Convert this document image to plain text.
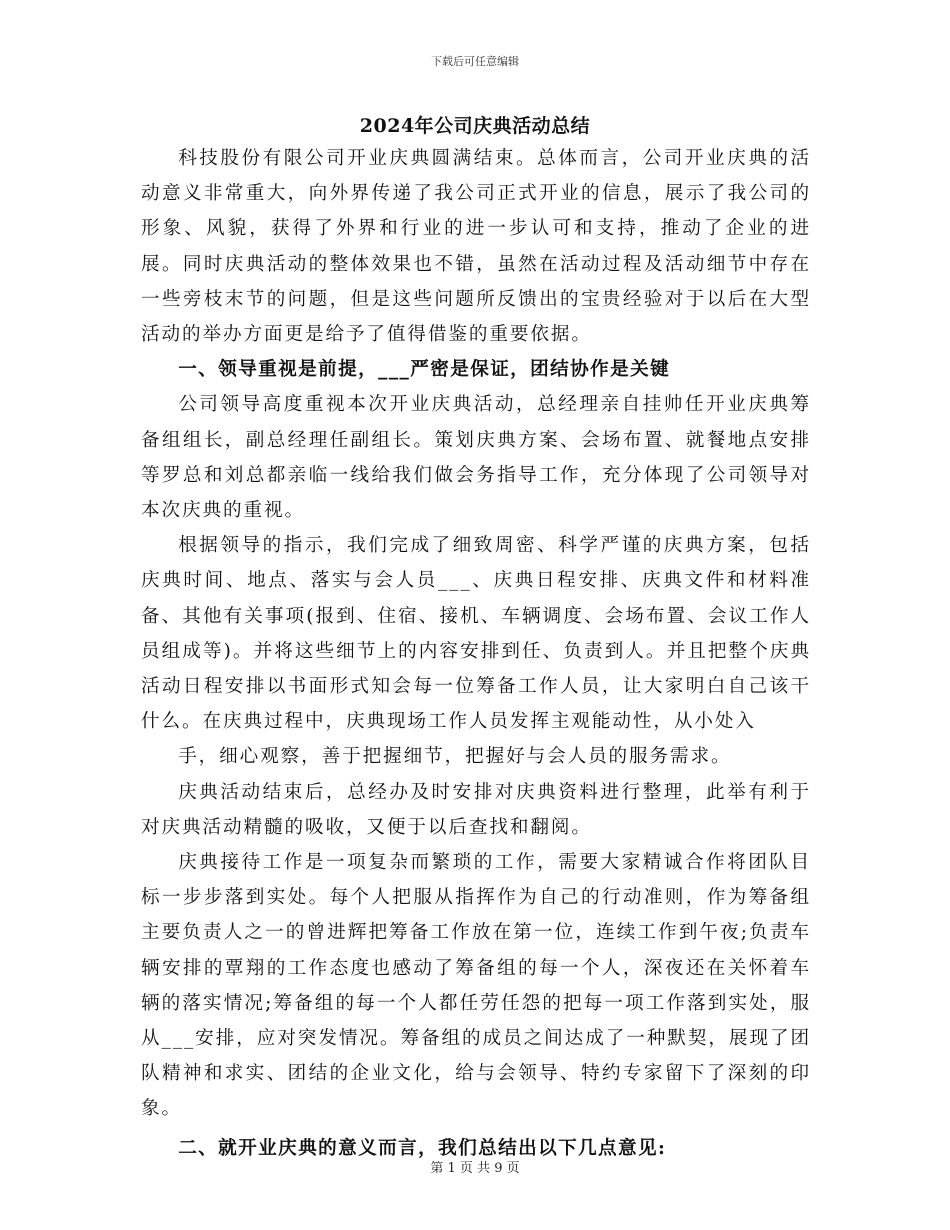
下载后可任意编辑
2024年公司庆典活动总结

科技股份有限公司开业庆典圆满结束。总体而言，公司开业庆典的活动意义非常重大，向外界传递了我公司正式开业的信息，展示了我公司的形象、风貌，获得了外界和行业的进一步认可和支持，推动了企业的进展。同时庆典活动的整体效果也不错，虽然在活动过程及活动细节中存在一些旁枝末节的问题，但是这些问题所反馈出的宝贵经验对于以后在大型活动的举办方面更是给予了值得借鉴的重要依据。

一、领导重视是前提，___严密是保证，团结协作是关键

公司领导高度重视本次开业庆典活动，总经理亲自挂帅任开业庆典筹备组组长，副总经理任副组长。策划庆典方案、会场布置、就餐地点安排等罗总和刘总都亲临一线给我们做会务指导工作，充分体现了公司领导对本次庆典的重视。

根据领导的指示，我们完成了细致周密、科学严谨的庆典方案，包括庆典时间、地点、落实与会人员___、庆典日程安排、庆典文件和材料准备、其他有关事项(报到、住宿、接机、车辆调度、会场布置、会议工作人员组成等)。并将这些细节上的内容安排到任、负责到人。并且把整个庆典活动日程安排以书面形式知会每一位筹备工作人员，让大家明白自己该干什么。在庆典过程中，庆典现场工作人员发挥主观能动性，从小处入

手，细心观察，善于把握细节，把握好与会人员的服务需求。

庆典活动结束后，总经办及时安排对庆典资料进行整理，此举有利于对庆典活动精髓的吸收，又便于以后查找和翻阅。

庆典接待工作是一项复杂而繁琐的工作，需要大家精诚合作将团队目标一步步落到实处。每个人把服从指挥作为自己的行动准则，作为筹备组主要负责人之一的曾进辉把筹备工作放在第一位，连续工作到午夜;负责车辆安排的覃翔的工作态度也感动了筹备组的每一个人，深夜还在关怀着车辆的落实情况;筹备组的每一个人都任劳任怨的把每一项工作落到实处，服从___安排，应对突发情况。筹备组的成员之间达成了一种默契，展现了团队精神和求实、团结的企业文化，给与会领导、特约专家留下了深刻的印象。

二、就开业庆典的意义而言，我们总结出以下几点意见:

第 1 页 共 9 页
